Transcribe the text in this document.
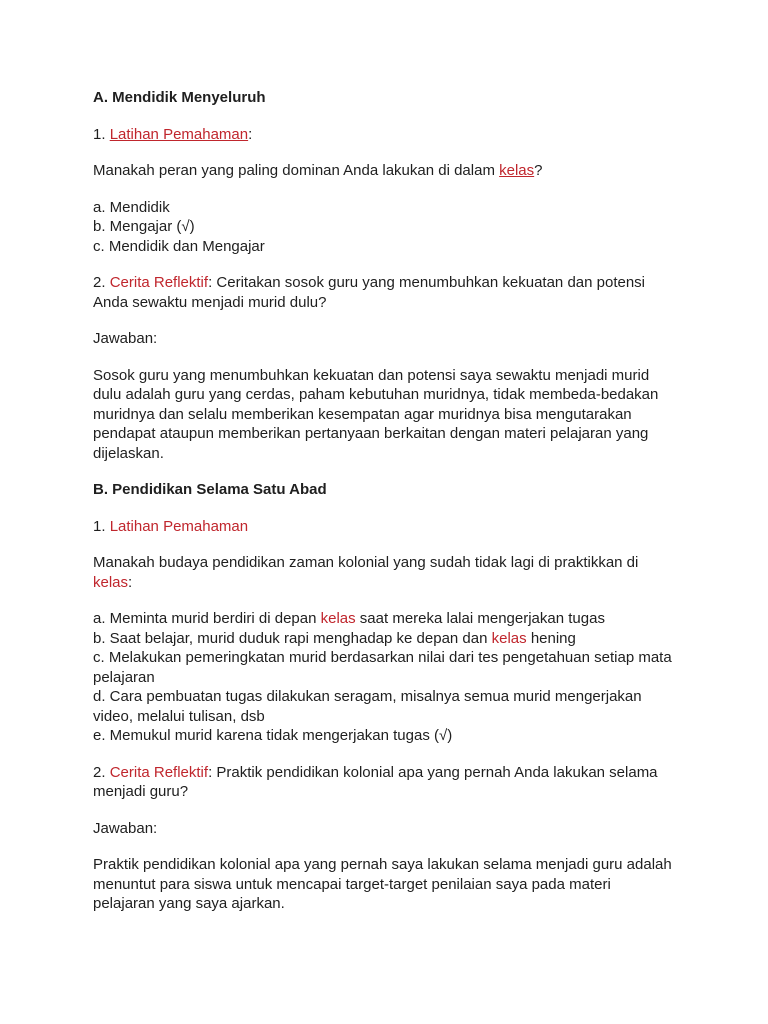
A. Mendidik Menyeluruh

1. Latihan Pemahaman:

Manakah peran yang paling dominan Anda lakukan di dalam kelas?

a. Mendidik

b. Mengajar (√)

c. Mendidik dan Mengajar

2. Cerita Reflektif: Ceritakan sosok guru yang menumbuhkan kekuatan dan potensi Anda sewaktu menjadi murid dulu?

Jawaban:

Sosok guru yang menumbuhkan kekuatan dan potensi saya sewaktu menjadi murid dulu adalah guru yang cerdas, paham kebutuhan muridnya, tidak membeda-bedakan muridnya dan selalu memberikan kesempatan agar muridnya bisa mengutarakan pendapat ataupun memberikan pertanyaan berkaitan dengan materi pelajaran yang dijelaskan.

B. Pendidikan Selama Satu Abad

1. Latihan Pemahaman

Manakah budaya pendidikan zaman kolonial yang sudah tidak lagi di praktikkan di kelas:

a. Meminta murid berdiri di depan kelas saat mereka lalai mengerjakan tugas

b. Saat belajar, murid duduk rapi menghadap ke depan dan kelas hening

c. Melakukan pemeringkatan murid berdasarkan nilai dari tes pengetahuan setiap mata pelajaran

d. Cara pembuatan tugas dilakukan seragam, misalnya semua murid mengerjakan video, melalui tulisan, dsb

e. Memukul murid karena tidak mengerjakan tugas (√)

2. Cerita Reflektif: Praktik pendidikan kolonial apa yang pernah Anda lakukan selama menjadi guru?

Jawaban:

Praktik pendidikan kolonial apa yang pernah saya lakukan selama menjadi guru adalah menuntut para siswa untuk mencapai target-target penilaian saya pada materi pelajaran yang saya ajarkan.
